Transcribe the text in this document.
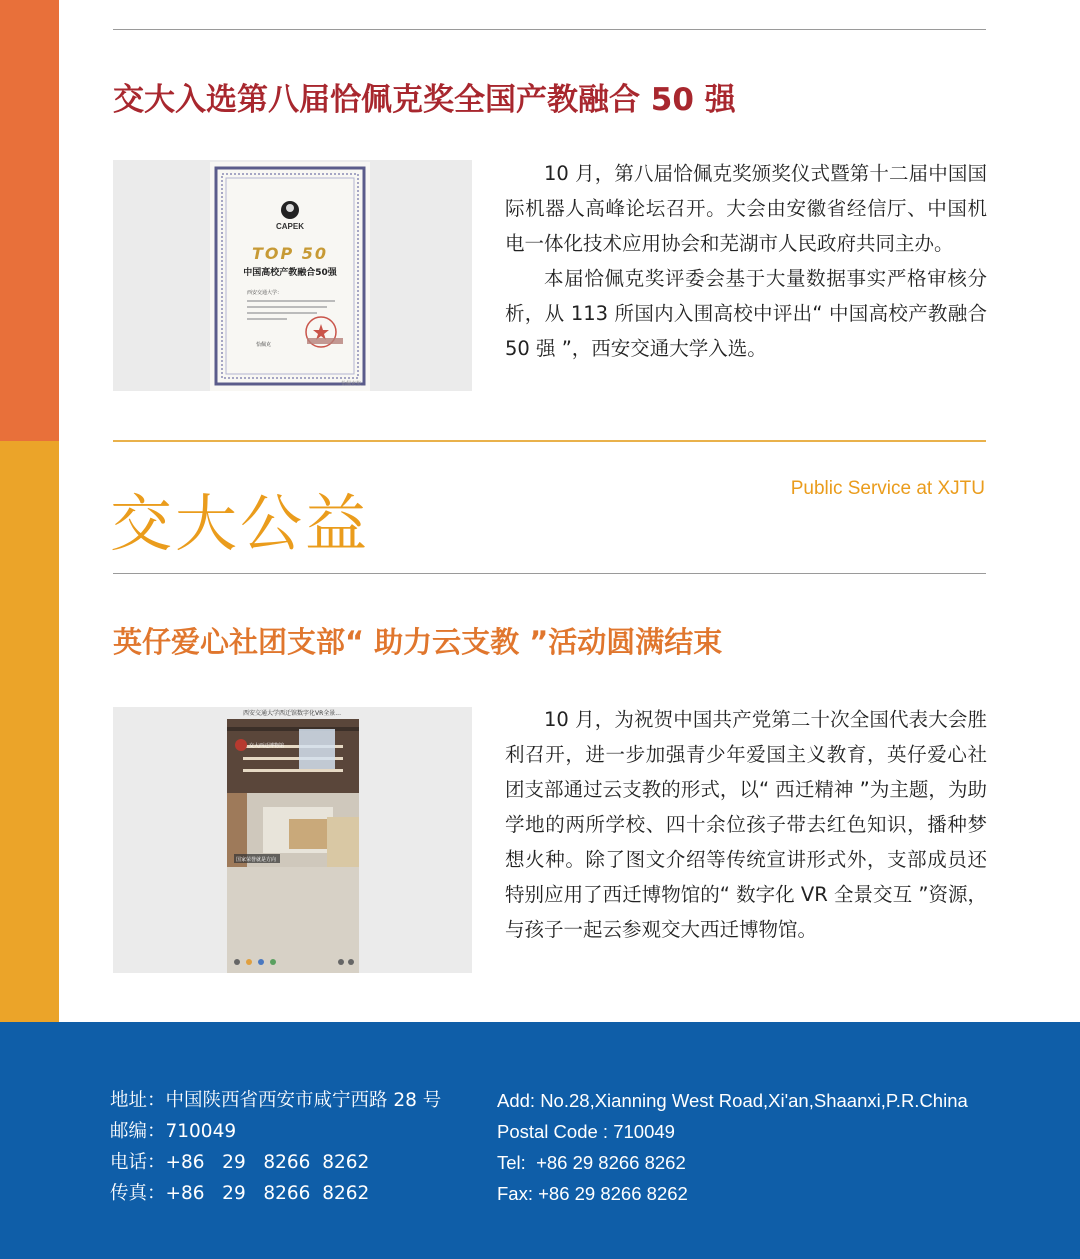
交大入选第八届恰佩克奖全国产教融合 50 强
CAPEK
TOP 50
中国高校产教融合50强
西安交通大学：
恰佩克
恰佩克奖

10 月，第八届恰佩克奖颁奖仪式暨第十二届中国国际机器人高峰论坛召开。大会由安徽省经信厅、中国机电一体化技术应用协会和芜湖市人民政府共同主办。

本届恰佩克奖评委会基于大量数据事实严格审核分析，从 113 所国内入围高校中评出“ 中国高校产教融合 50 强 ”，西安交通大学入选。

交大公益	Public Service at XJTU
英仔爱心社团支部“ 助力云支教 ”活动圆满结束
西安交通大学西迁馆数字化VR全景...
交大西迁博物馆
国家荣誉就是方向

10 月，为祝贺中国共产党第二十次全国代表大会胜利召开，进一步加强青少年爱国主义教育，英仔爱心社团支部通过云支教的形式，以“ 西迁精神 ”为主题，为助学地的两所学校、四十余位孩子带去红色知识，播种梦想火种。除了图文介绍等传统宣讲形式外，支部成员还特别应用了西迁博物馆的“ 数字化 VR 全景交互 ”资源，与孩子一起云参观交大西迁博物馆。

地址：中国陕西省西安市咸宁西路 28 号
邮编：710049
电话：+86   29   8266  8262
传真：+86   29   8266  8262
Add: No.28,Xianning West Road,Xi'an,Shaanxi,P.R.China
Postal Code : 710049
Tel:  +86 29 8266 8262
Fax: +86 29 8266 8262
